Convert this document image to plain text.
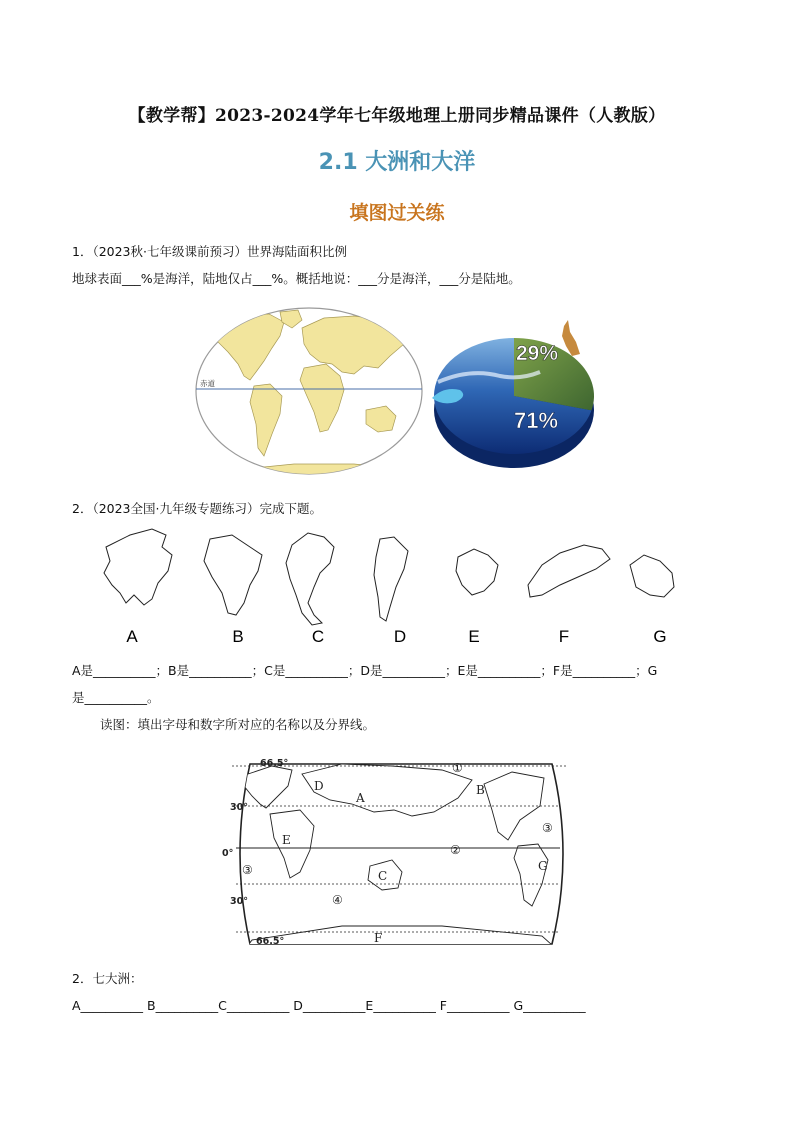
【教学帮】2023-2024学年七年级地理上册同步精品课件（人教版）
2.1 大洲和大洋
填图过关练
1．（2023秋·七年级课前预习）世界海陆面积比例
地球表面___%是海洋，陆地仅占___%。概括地说：___分是海洋，___分是陆地。
赤道
29%
71%
2．（2023全国·九年级专题练习）完成下题。
A	B	C	D	E	F	G
A是__________；B是__________；C是__________；D是__________；E是__________；F是__________；G
是__________。
读图：填出字母和数字所对应的名称以及分界线。
66.5°
30°
0°
30°
66.5°
A
B
C
D
E
F
G
①
②
③
④
③
2．七大洲：
A__________ B__________C__________ D__________E__________ F__________ G__________
